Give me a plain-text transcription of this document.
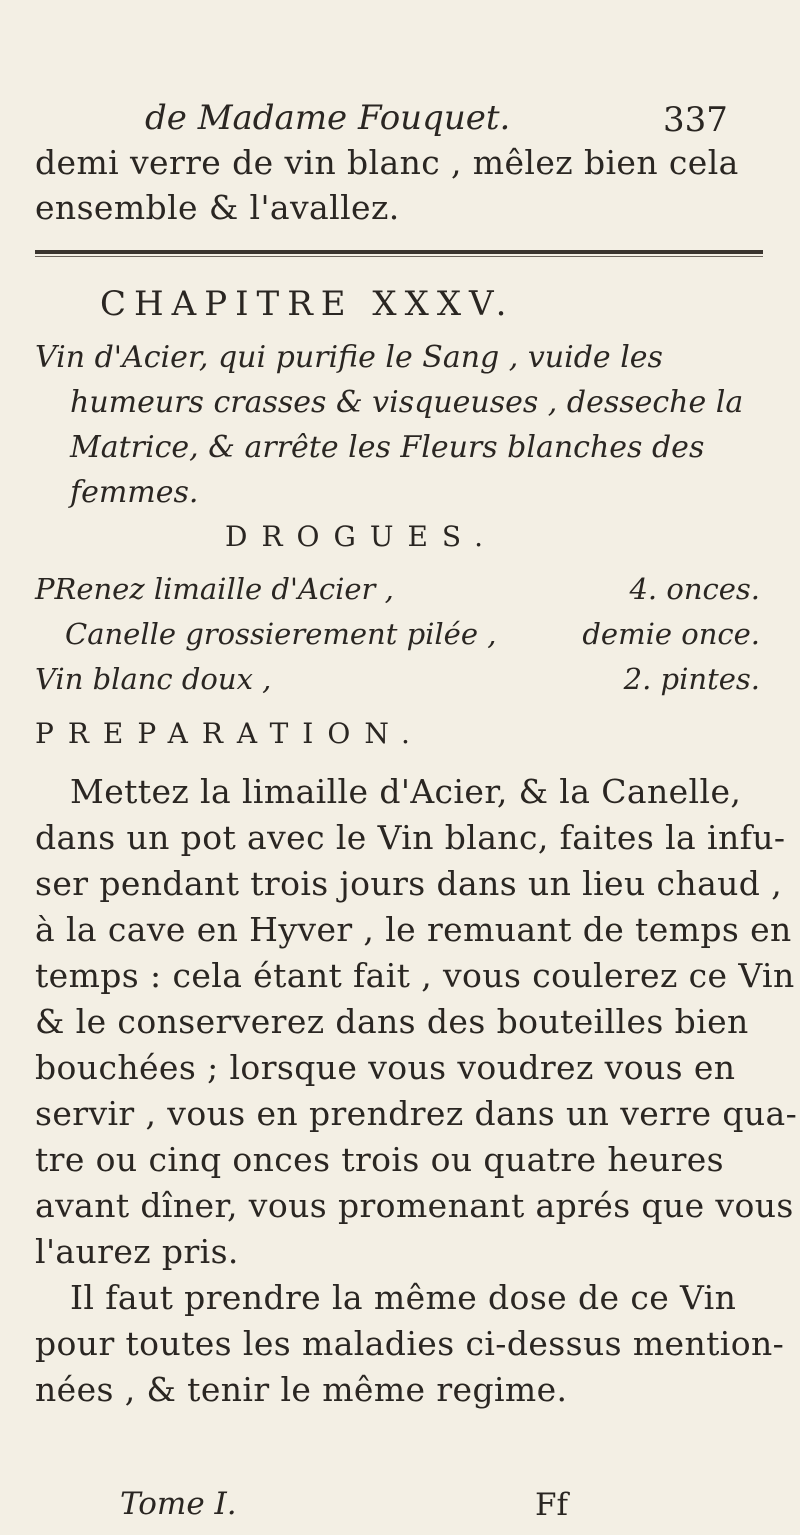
de Madame Fouquet.	337
demi verre de vin blanc , mêlez bien cela
ensemble & l'avallez.
CHAPITRE XXXV.
Vin d'Acier, qui purifie le Sang , vuide les
humeurs crasses & visqueuses , desseche la
Matrice, & arrête les Fleurs blanches des
femmes.
DROGUES.
PRenez limaille d'Acier ,	4. onces.
Canelle grossierement pilée ,	demie once.
Vin blanc doux ,	2. pintes.
PREPARATION.
Mettez la limaille d'Acier, & la Canelle,
dans un pot avec le Vin blanc, faites la infu-
ser pendant trois jours dans un lieu chaud ,
à la cave en Hyver , le remuant de temps en
temps : cela étant fait , vous coulerez ce Vin
& le conserverez dans des bouteilles bien
bouchées ; lorsque vous voudrez vous en
servir , vous en prendrez dans un verre qua-
tre ou cinq onces trois ou quatre heures
avant dîner, vous promenant aprés que vous
l'aurez pris.
Il faut prendre la même dose de ce Vin
pour toutes les maladies ci-dessus mention-
nées , & tenir le même regime.
Tome I.	Ff
